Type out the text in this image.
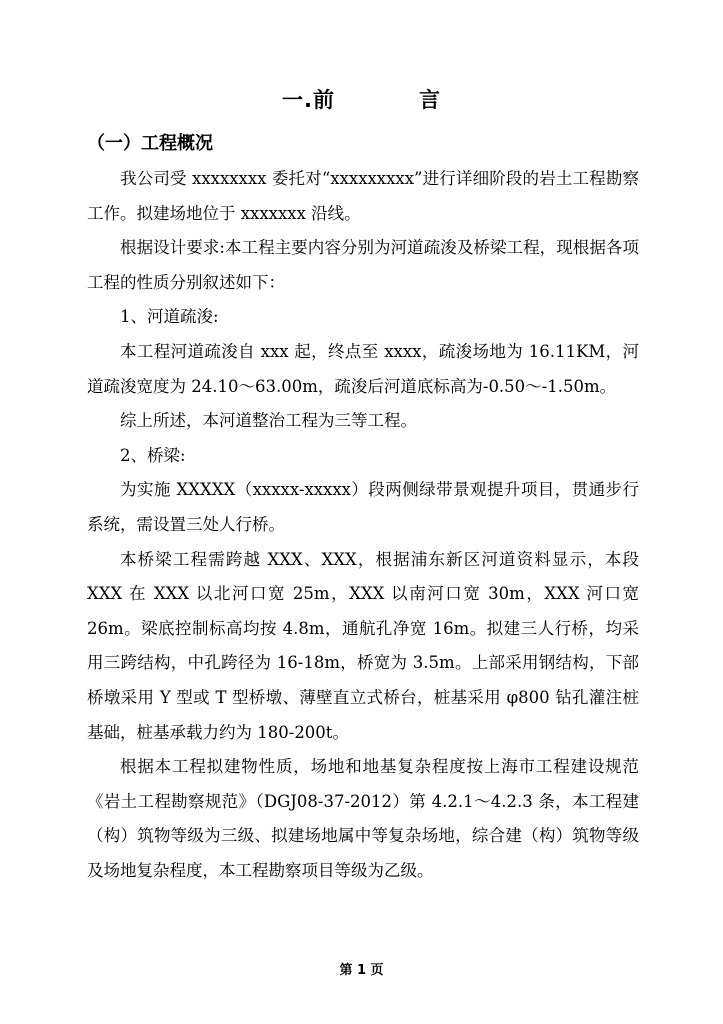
一.前	言
（一）工程概况

我公司受 xxxxxxxx 委托对“xxxxxxxxx”进行详细阶段的岩土工程勘察工作。拟建场地位于 xxxxxxx 沿线。

根据设计要求:本工程主要内容分别为河道疏浚及桥梁工程，现根据各项工程的性质分别叙述如下：

1、河道疏浚:

本工程河道疏浚自 xxx 起，终点至 xxxx，疏浚场地为 16.11KM，河道疏浚宽度为 24.10～63.00m，疏浚后河道底标高为-0.50～-1.50m。

综上所述，本河道整治工程为三等工程。

2、桥梁:

为实施 XXXXX（xxxxx-xxxxx）段两侧绿带景观提升项目，贯通步行系统，需设置三处人行桥。

本桥梁工程需跨越 XXX、XXX，根据浦东新区河道资料显示，本段 XXX 在 XXX 以北河口宽 25m，XXX 以南河口宽 30m，XXX 河口宽 26m。梁底控制标高均按 4.8m，通航孔净宽 16m。拟建三人行桥，均采用三跨结构，中孔跨径为 16-18m，桥宽为 3.5m。上部采用钢结构，下部桥墩采用 Y 型或 T 型桥墩、薄壁直立式桥台，桩基采用 φ800 钻孔灌注桩基础，桩基承载力约为 180-200t。

根据本工程拟建物性质，场地和地基复杂程度按上海市工程建设规范《岩土工程勘察规范》（DGJ08-37-2012）第 4.2.1～4.2.3 条，本工程建（构）筑物等级为三级、拟建场地属中等复杂场地，综合建（构）筑物等级及场地复杂程度，本工程勘察项目等级为乙级。

第 1 页
